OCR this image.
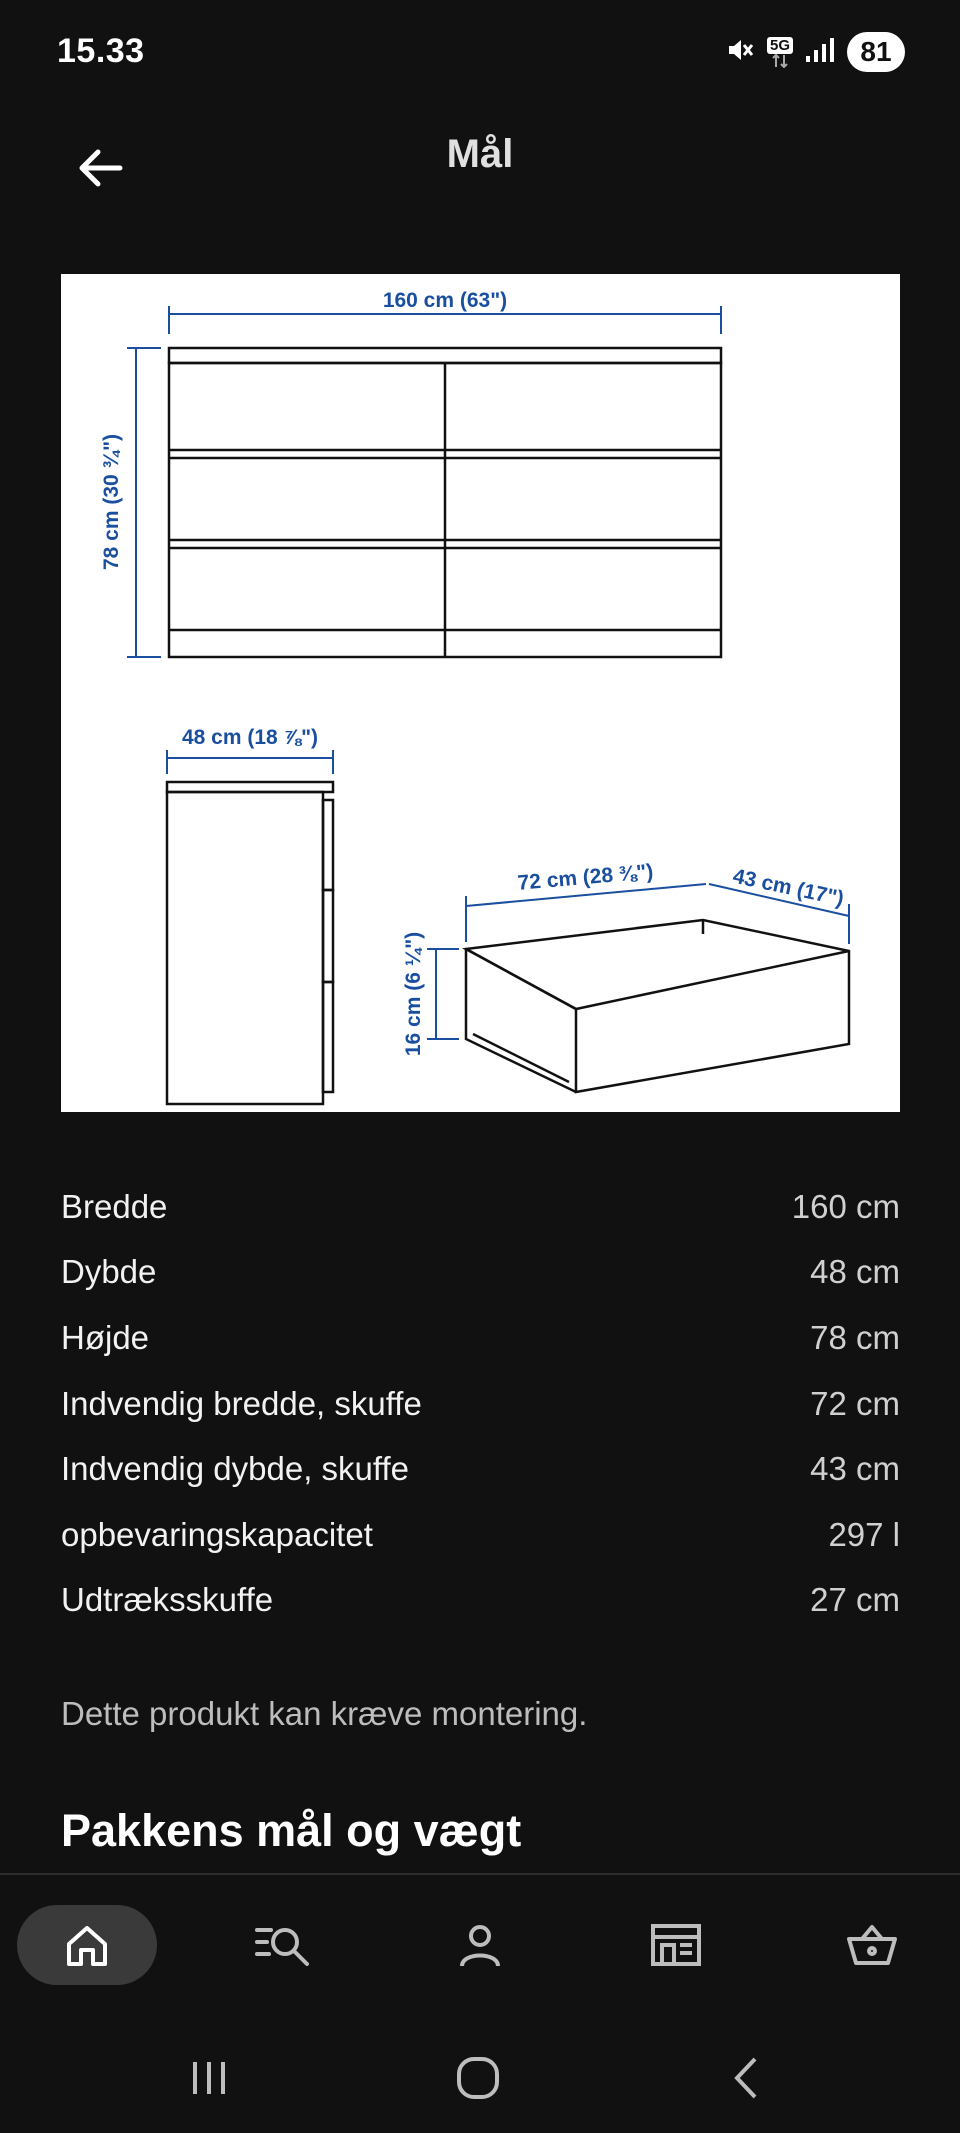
15.33	5G	81
Mål
160 cm (63")
78 cm (30 ¾")
48 cm (18 ⅞")
72 cm (28 ⅜")	43 cm (17")
16 cm (6 ¼")
Bredde	160 cm
Dybde	48 cm
Højde	78 cm
Indvendig bredde, skuffe	72 cm
Indvendig dybde, skuffe	43 cm
opbevaringskapacitet	297 l
Udtræksskuffe	27 cm
Dette produkt kan kræve montering.
Pakkens mål og vægt
